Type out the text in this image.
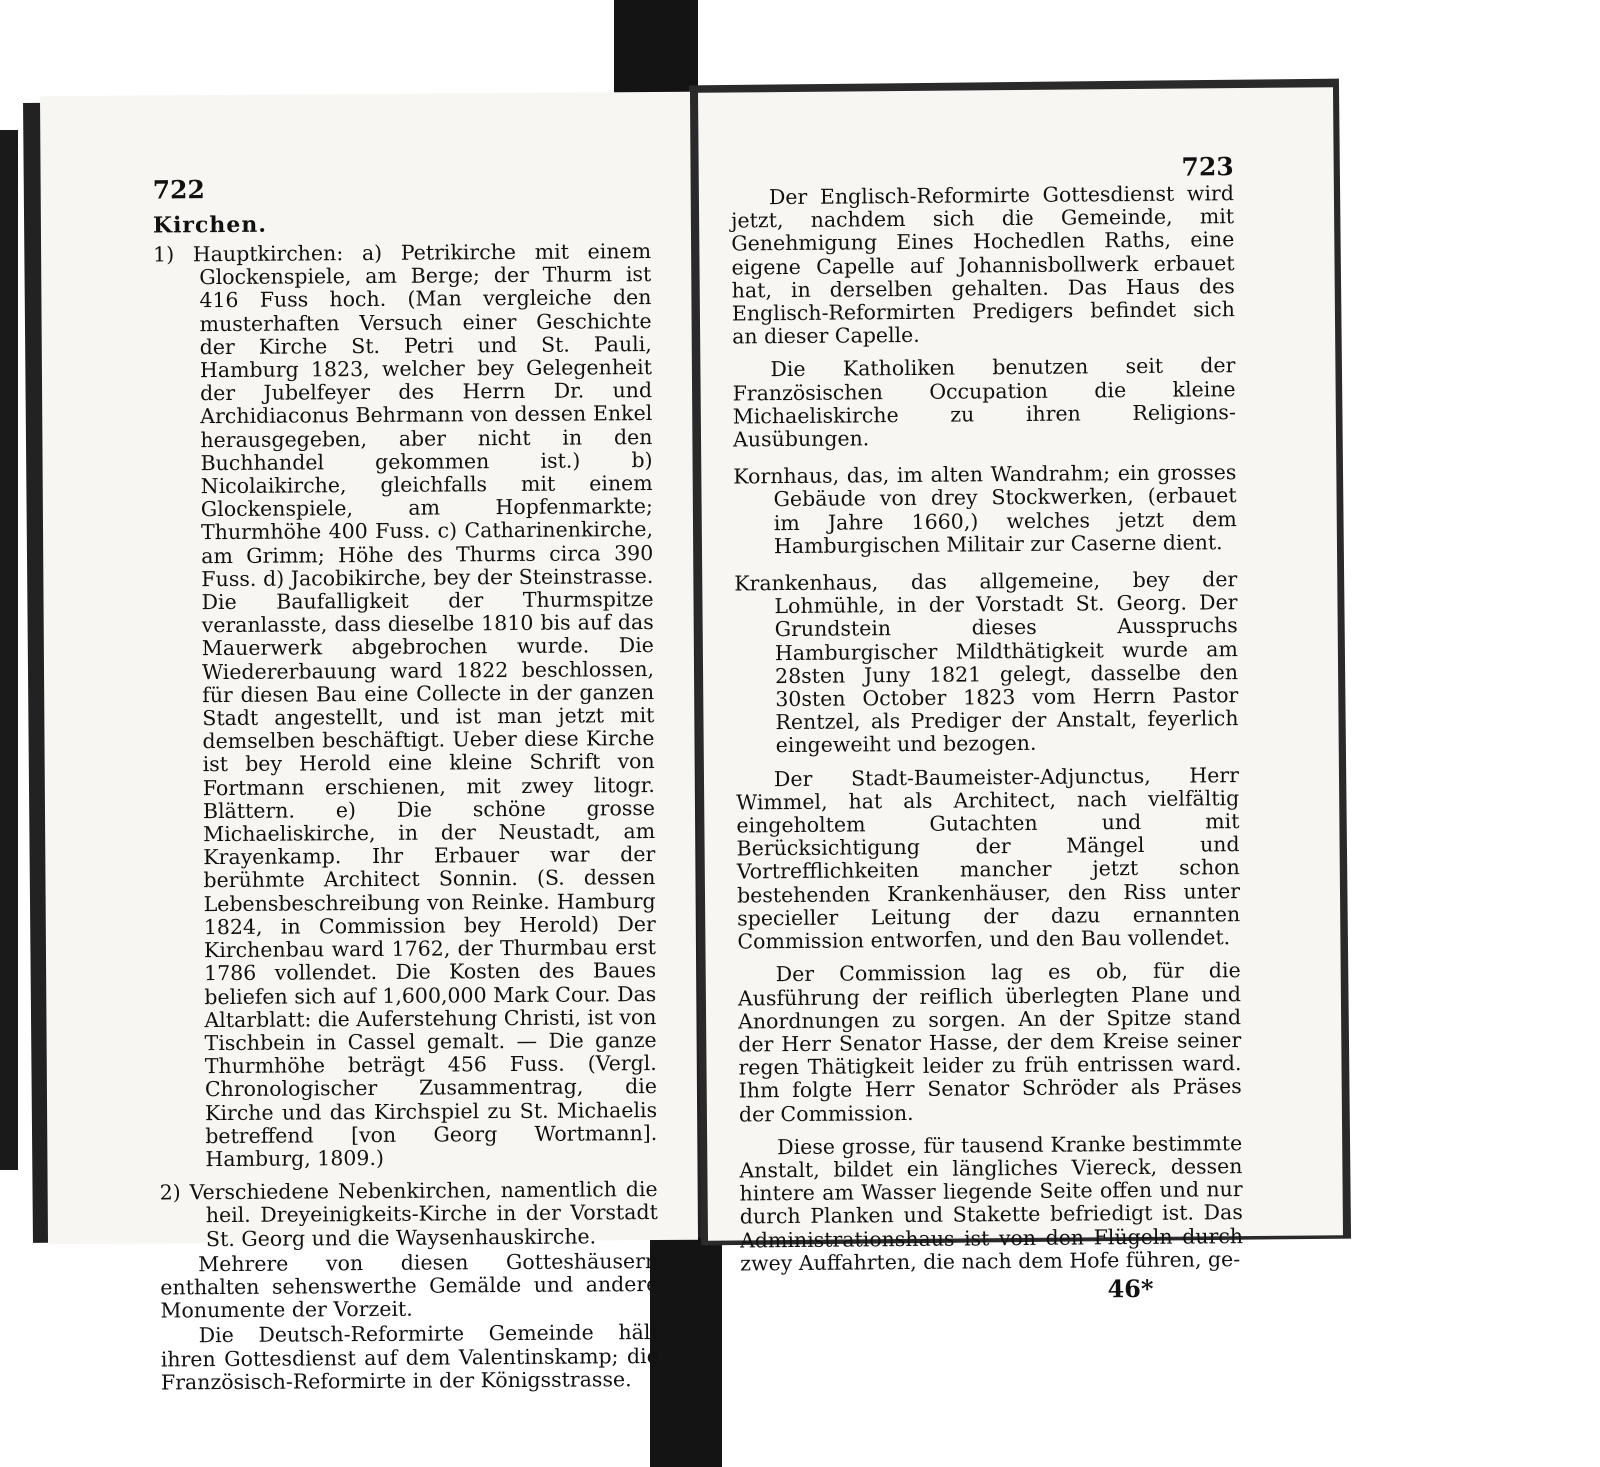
722
Kirchen.

1) Hauptkirchen: a) Petrikirche mit einem Glockenspiele, am Berge; der Thurm ist 416 Fuss hoch. (Man vergleiche den musterhaften Versuch einer Geschichte der Kirche St. Petri und St. Pauli, Hamburg 1823, welcher bey Gelegenheit der Jubelfeyer des Herrn Dr. und Archidiaconus Behrmann von dessen Enkel herausgegeben, aber nicht in den Buchhandel gekommen ist.) b) Nicolaikirche, gleichfalls mit einem Glockenspiele, am Hopfenmarkte; Thurmhöhe 400 Fuss. c) Catharinenkirche, am Grimm; Höhe des Thurms circa 390 Fuss. d) Jacobikirche, bey der Steinstrasse. Die Baufalligkeit der Thurmspitze veranlasste, dass dieselbe 1810 bis auf das Mauerwerk abgebrochen wurde. Die Wiedererbauung ward 1822 beschlossen, für diesen Bau eine Collecte in der ganzen Stadt angestellt, und ist man jetzt mit demselben beschäftigt. Ueber diese Kirche ist bey Herold eine kleine Schrift von Fortmann erschienen, mit zwey litogr. Blättern. e) Die schöne grosse Michaeliskirche, in der Neustadt, am Krayenkamp. Ihr Erbauer war der berühmte Architect Sonnin. (S. dessen Lebensbeschreibung von Reinke. Hamburg 1824, in Commission bey Herold) Der Kirchenbau ward 1762, der Thurmbau erst 1786 vollendet. Die Kosten des Baues beliefen sich auf 1,600,000 Mark Cour. Das Altarblatt: die Auferstehung Christi, ist von Tischbein in Cassel gemalt. — Die ganze Thurmhöhe beträgt 456 Fuss. (Vergl. Chronologischer Zusammentrag, die Kirche und das Kirchspiel zu St. Michaelis betreffend [von Georg Wortmann]. Hamburg, 1809.)

2) Verschiedene Nebenkirchen, namentlich die heil. Dreyeinigkeits-Kirche in der Vorstadt St. Georg und die Waysenhauskirche.

Mehrere von diesen Gotteshäusern enthalten sehenswerthe Gemälde und andere Monumente der Vorzeit.

Die Deutsch-Reformirte Gemeinde hält ihren Gottesdienst auf dem Valentinskamp; die Französisch-Reformirte in der Königsstrasse.

723

Der Englisch-Reformirte Gottesdienst wird jetzt, nachdem sich die Gemeinde, mit Genehmigung Eines Hochedlen Raths, eine eigene Capelle auf Johannisbollwerk erbauet hat, in derselben gehalten. Das Haus des Englisch-Reformirten Predigers befindet sich an dieser Capelle.

Die Katholiken benutzen seit der Französischen Occupation die kleine Michaeliskirche zu ihren Religions-Ausübungen.

Kornhaus, das, im alten Wandrahm; ein grosses Gebäude von drey Stockwerken, (erbauet im Jahre 1660,) welches jetzt dem Hamburgischen Militair zur Caserne dient.

Krankenhaus, das allgemeine, bey der Lohmühle, in der Vorstadt St. Georg. Der Grundstein dieses Ausspruchs Hamburgischer Mildthätigkeit wurde am 28sten Juny 1821 gelegt, dasselbe den 30sten October 1823 vom Herrn Pastor Rentzel, als Prediger der Anstalt, feyerlich eingeweiht und bezogen.

Der Stadt-Baumeister-Adjunctus, Herr Wimmel, hat als Architect, nach vielfältig eingeholtem Gutachten und mit Berücksichtigung der Mängel und Vortrefflichkeiten mancher jetzt schon bestehenden Krankenhäuser, den Riss unter specieller Leitung der dazu ernannten Commission entworfen, und den Bau vollendet.

Der Commission lag es ob, für die Ausführung der reiflich überlegten Plane und Anordnungen zu sorgen. An der Spitze stand der Herr Senator Hasse, der dem Kreise seiner regen Thätigkeit leider zu früh entrissen ward. Ihm folgte Herr Senator Schröder als Präses der Commission.

Diese grosse, für tausend Kranke bestimmte Anstalt, bildet ein längliches Viereck, dessen hintere am Wasser liegende Seite offen und nur durch Planken und Stakette befriedigt ist. Das Administrationshaus ist von den Flügeln durch zwey Auffahrten, die nach dem Hofe führen, ge-

46*
